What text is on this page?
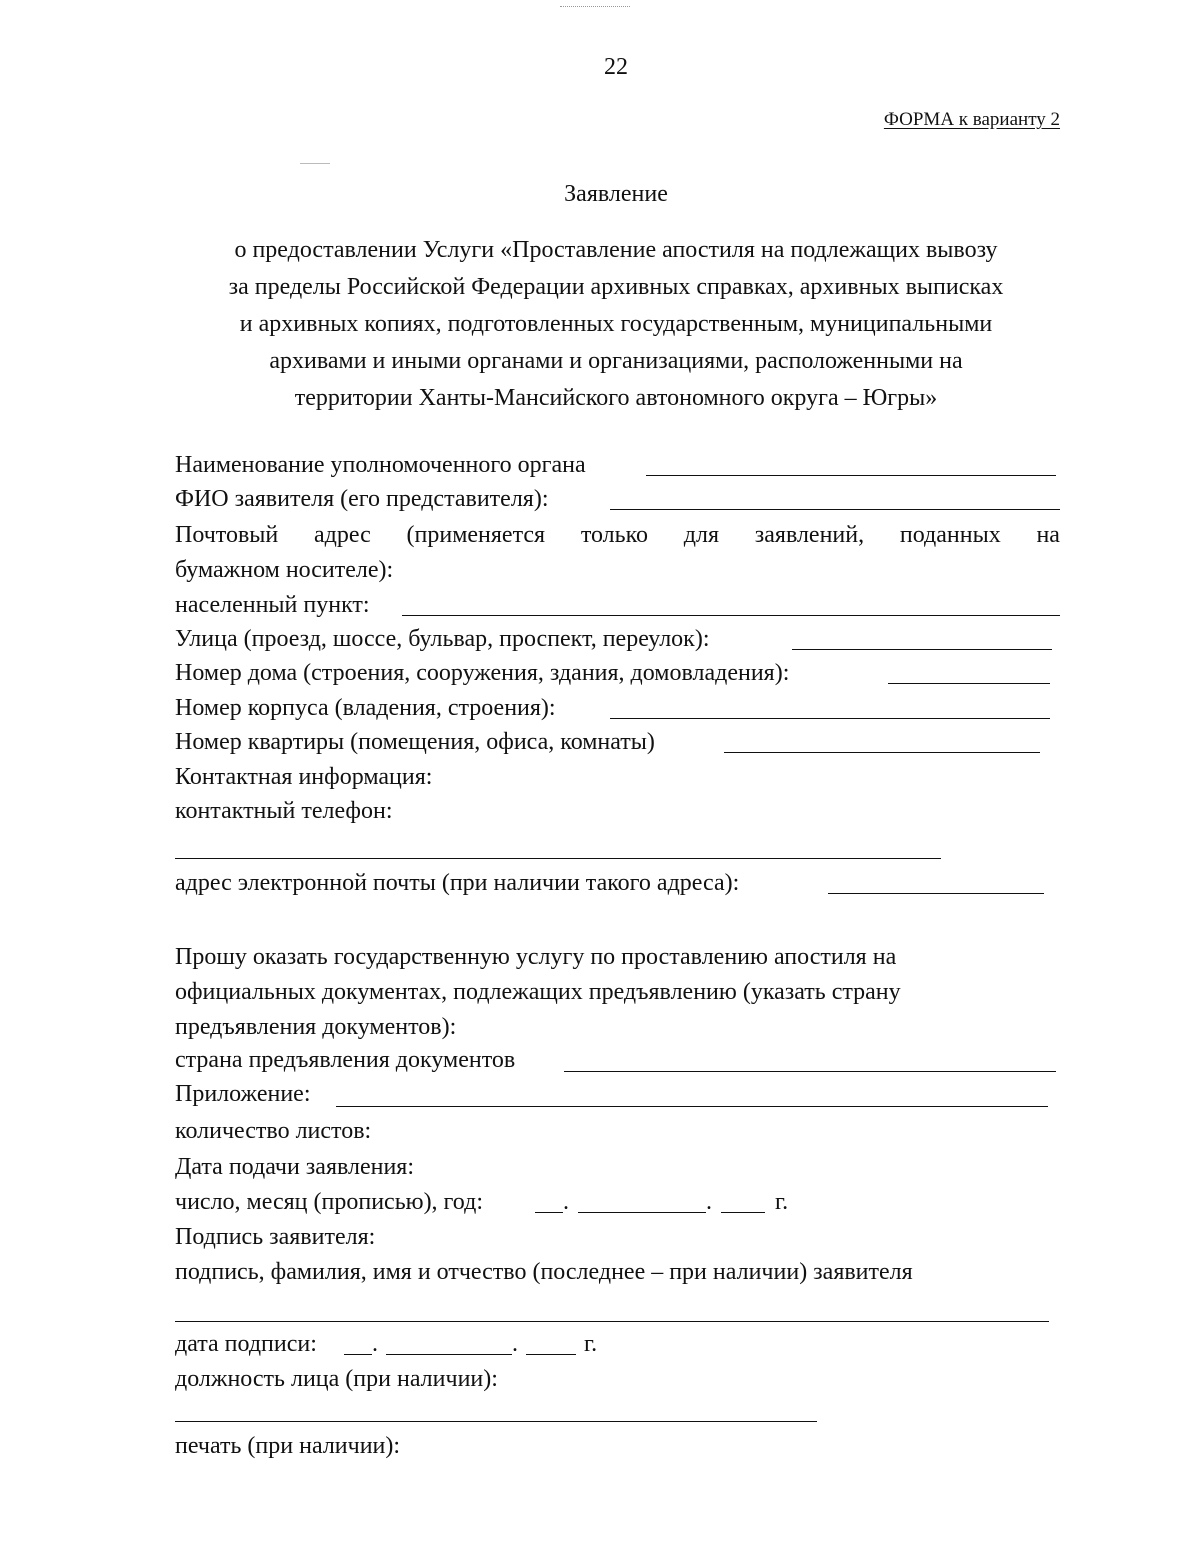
22
ФОРМА к варианту 2
Заявление
о предоставлении Услуги «Проставление апостиля на подлежащих вывозу
за пределы Российской Федерации архивных справках, архивных выписках
и архивных копиях, подготовленных государственным, муниципальными
архивами и иными органами и организациями, расположенными на
территории Ханты-Мансийского автономного округа – Югры»
Наименование уполномоченного органа
ФИО заявителя (его представителя):
Почтовый адрес (применяется только для заявлений, поданных на
бумажном носителе):
населенный пункт:
Улица (проезд, шоссе, бульвар, проспект, переулок):
Номер дома (строения, сооружения, здания, домовладения):
Номер корпуса (владения, строения):
Номер квартиры (помещения, офиса, комнаты)
Контактная информация:
контактный телефон:
адрес электронной почты (при наличии такого адреса):
Прошу оказать государственную услугу по проставлению апостиля на
официальных документах, подлежащих предъявлению (указать страну
предъявления документов):
страна предъявления документов
Приложение:
количество листов:
Дата подачи заявления:
число, месяц (прописью), год:	.	.	г.
Подпись заявителя:
подпись, фамилия, имя и отчество (последнее – при наличии) заявителя
дата подписи: .	.	г.
должность лица (при наличии):
печать (при наличии):
